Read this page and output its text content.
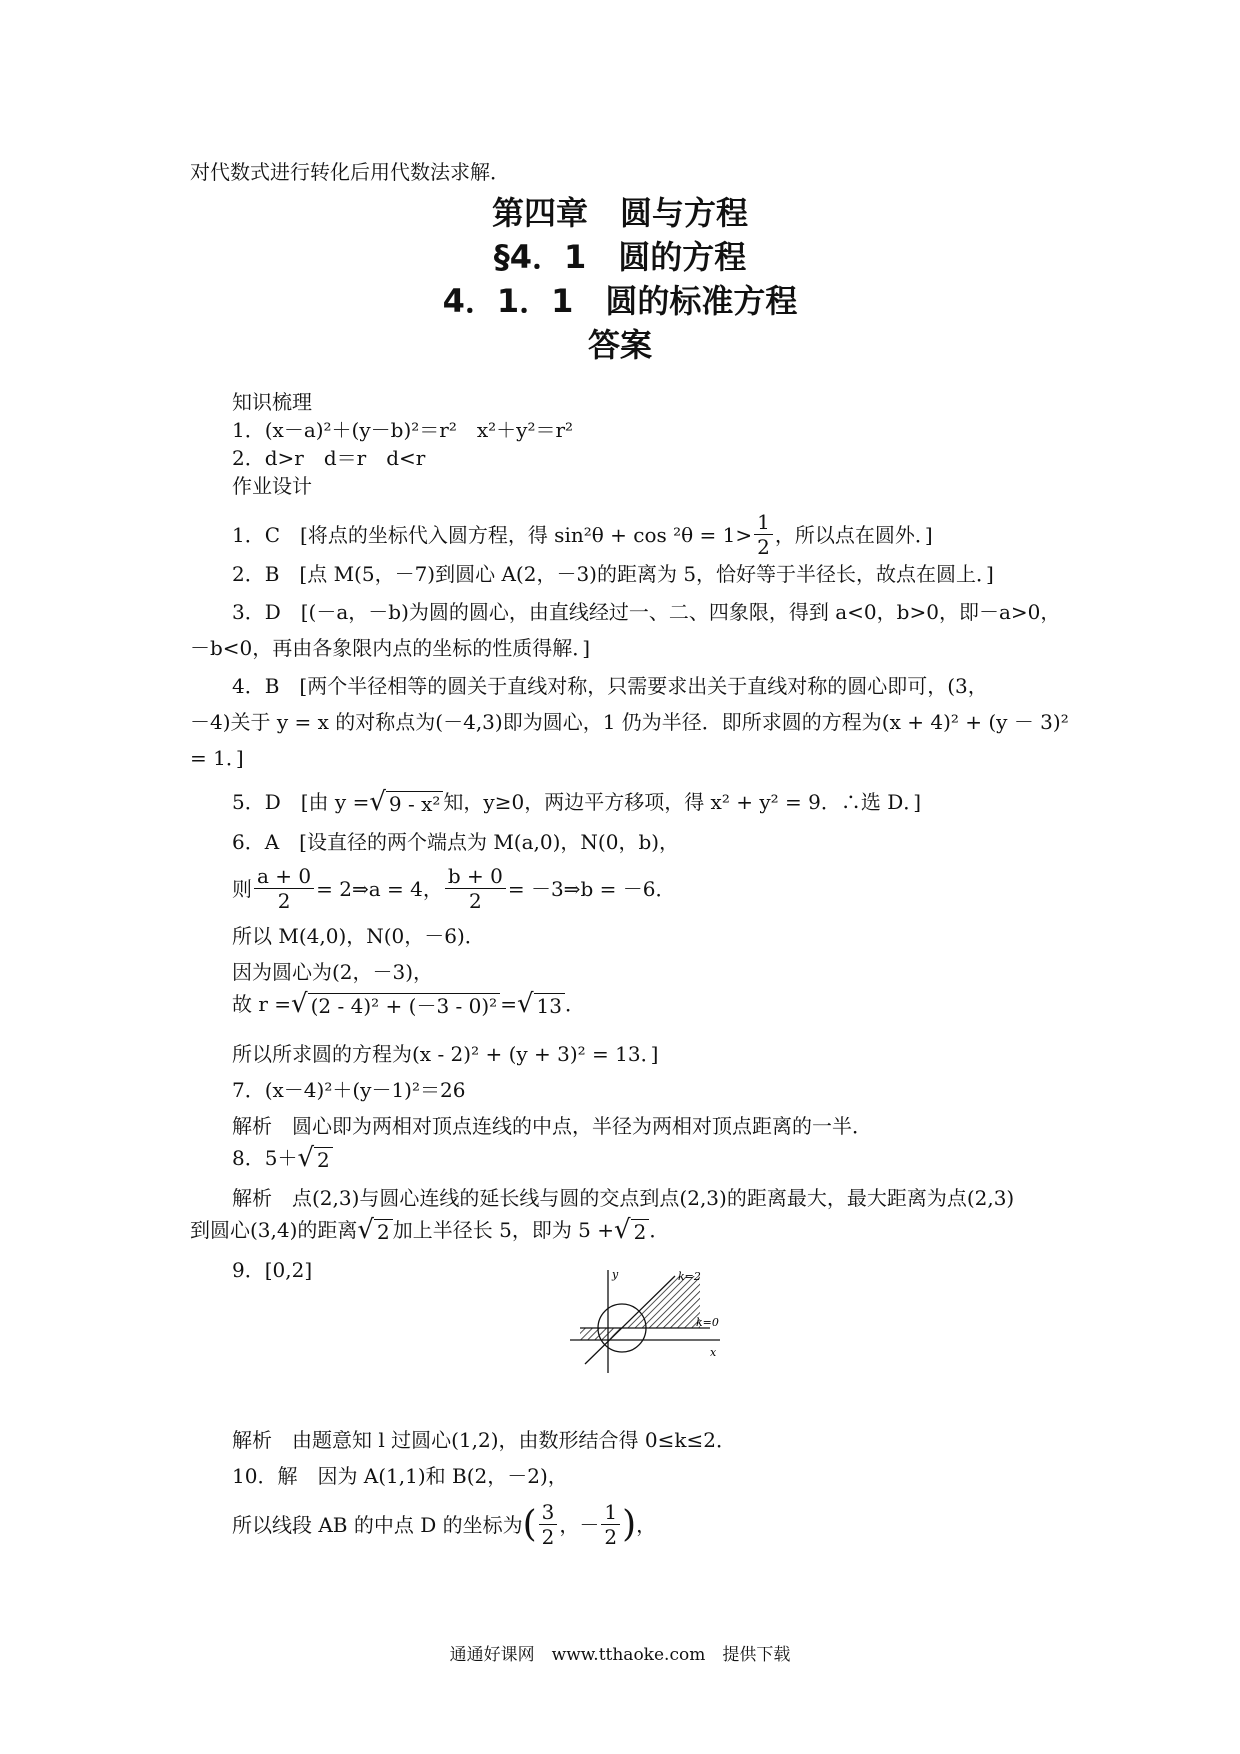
对代数式进行转化后用代数法求解．
第四章　圆与方程
§4．1　圆的方程
4．1．1　圆的标准方程
答案
知识梳理
1．(x－a)²＋(y－b)²＝r²　 x²＋y²＝r²
2．d>r　d＝r　d<r
作业设计
1．C　[将点的坐标代入圆方程，得 $\sin^2\theta + \cos ^2\theta = 1> \frac{1}{2}$ ，所以点在圆外．]
2．B　[点 M(5，－7)到圆心 A(2，－3)的距离为 5，恰好等于半径长，故点在圆上．]
3．D　[(－a，－b)为圆的圆心，由直线经过一、二、四象限，得到 a<0，b>0，即－a>0，
－b<0，再由各象限内点的坐标的性质得解．]
4．B　[两个半径相等的圆关于直线对称，只需要求出关于直线对称的圆心即可，(3，
－4)关于 y = x 的对称点为(－4,3)即为圆心，1 仍为半径．即所求圆的方程为(x + 4)² + (y － 3)²
= 1．]
5．D　[由 y = √ 9 - x² 知，y≥0，两边平方移项，得 x² + y² = 9．∴选 D．]
6．A　[设直径的两个端点为 M(a,0)，N(0，b)，
则 $\frac{a + 0}{2}$ = 2⇒a = 4， $\frac{b + 0}{2}$ = －3⇒b = －6．
所以 M(4,0)，N(0，－6)．
因为圆心为(2，－3)，
故 r = √ (2 - 4)² + (－3 - 0)² = √ 13 ．
所以所求圆的方程为(x - 2)² + (y + 3)² = 13．]
7．(x－4)²＋(y－1)²＝26
解析　圆心即为两相对顶点连线的中点，半径为两相对顶点距离的一半．
8．5＋ √ 2
解析　点(2,3)与圆心连线的延长线与圆的交点到点(2,3)的距离最大，最大距离为点(2,3)
到圆心(3,4)的距离 √ 2 加上半径长 5，即为 5 + √ 2 ．
9．[0,2]	y
x
k=2
k=0
解析　由题意知 l 过圆心(1,2)，由数形结合得 0≤k≤2．
10．解　因为 A(1,1)和 B(2，－2)，
所以线段 AB 的中点 D 的坐标为 ( $\frac{3}{2}$ ，－ $\frac{1}{2}$ ) ，
通通好课网　www.tthaoke.com　提供下载
